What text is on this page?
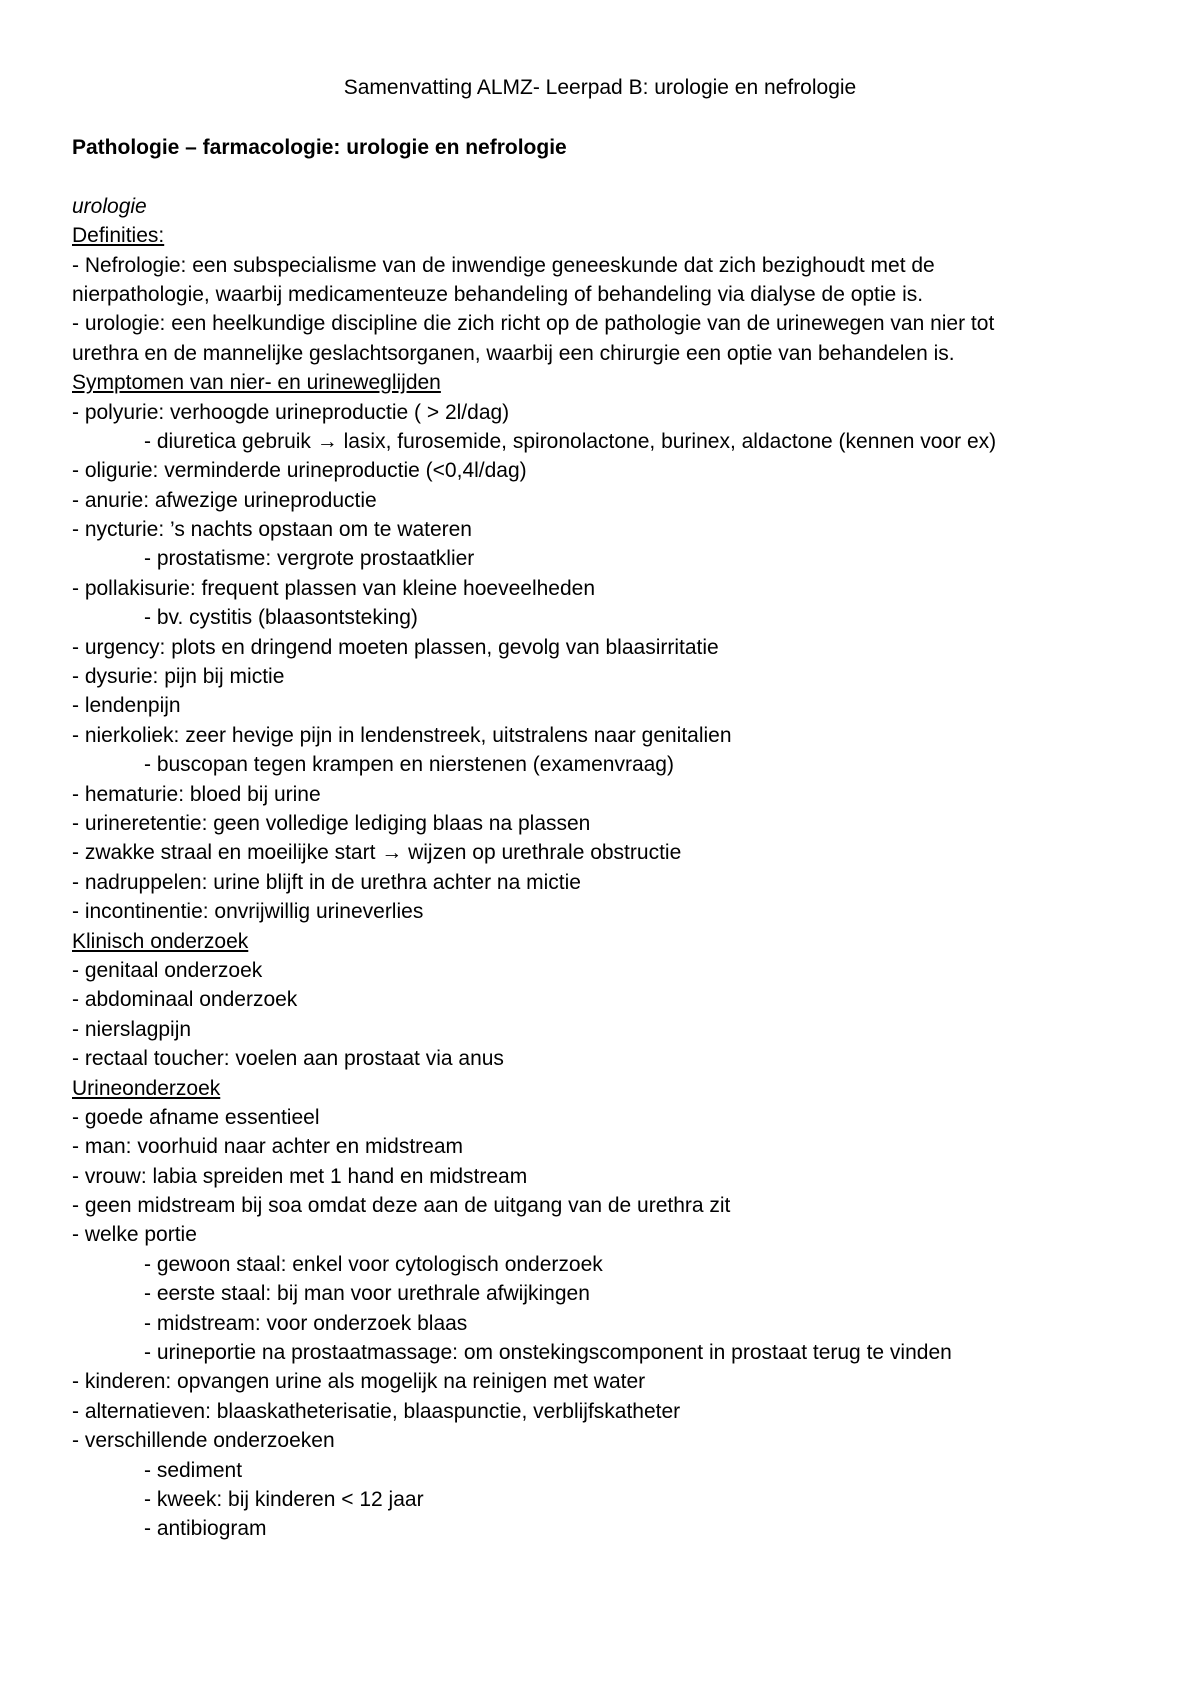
Samenvatting ALMZ- Leerpad B: urologie en nefrologie
Pathologie – farmacologie: urologie en nefrologie
urologie
Definities:
- Nefrologie: een subspecialisme van de inwendige geneeskunde dat zich bezighoudt met de
nierpathologie, waarbij medicamenteuze behandeling of behandeling via dialyse de optie is.
- urologie: een heelkundige discipline die zich richt op de pathologie van de urinewegen van nier tot
urethra en de mannelijke geslachtsorganen, waarbij een chirurgie een optie van behandelen is.
Symptomen van nier- en urineweglijden
- polyurie: verhoogde urineproductie ( > 2l/dag)
- diuretica gebruik → lasix, furosemide, spironolactone, burinex, aldactone (kennen voor ex)
- oligurie: verminderde urineproductie (<0,4l/dag)
- anurie: afwezige urineproductie
- nycturie: ’s nachts opstaan om te wateren
- prostatisme: vergrote prostaatklier
- pollakisurie: frequent plassen van kleine hoeveelheden
- bv. cystitis (blaasontsteking)
- urgency: plots en dringend moeten plassen, gevolg van blaasirritatie
- dysurie: pijn bij mictie
- lendenpijn
- nierkoliek: zeer hevige pijn in lendenstreek, uitstralens naar genitalien
- buscopan tegen krampen en nierstenen (examenvraag)
- hematurie: bloed bij urine
- urineretentie: geen volledige lediging blaas na plassen
- zwakke straal en moeilijke start → wijzen op urethrale obstructie
- nadruppelen: urine blijft in de urethra achter na mictie
- incontinentie: onvrijwillig urineverlies
Klinisch onderzoek
- genitaal onderzoek
- abdominaal onderzoek
- nierslagpijn
- rectaal toucher: voelen aan prostaat via anus
Urineonderzoek
- goede afname essentieel
- man: voorhuid naar achter en midstream
- vrouw: labia spreiden met 1 hand en midstream
- geen midstream bij soa omdat deze aan de uitgang van de urethra zit
- welke portie
- gewoon staal: enkel voor cytologisch onderzoek
- eerste staal: bij man voor urethrale afwijkingen
- midstream: voor onderzoek blaas
- urineportie na prostaatmassage: om onstekingscomponent in prostaat terug te vinden
- kinderen: opvangen urine als mogelijk na reinigen met water
- alternatieven: blaaskatheterisatie, blaaspunctie, verblijfskatheter
- verschillende onderzoeken
- sediment
- kweek: bij kinderen < 12 jaar
- antibiogram
